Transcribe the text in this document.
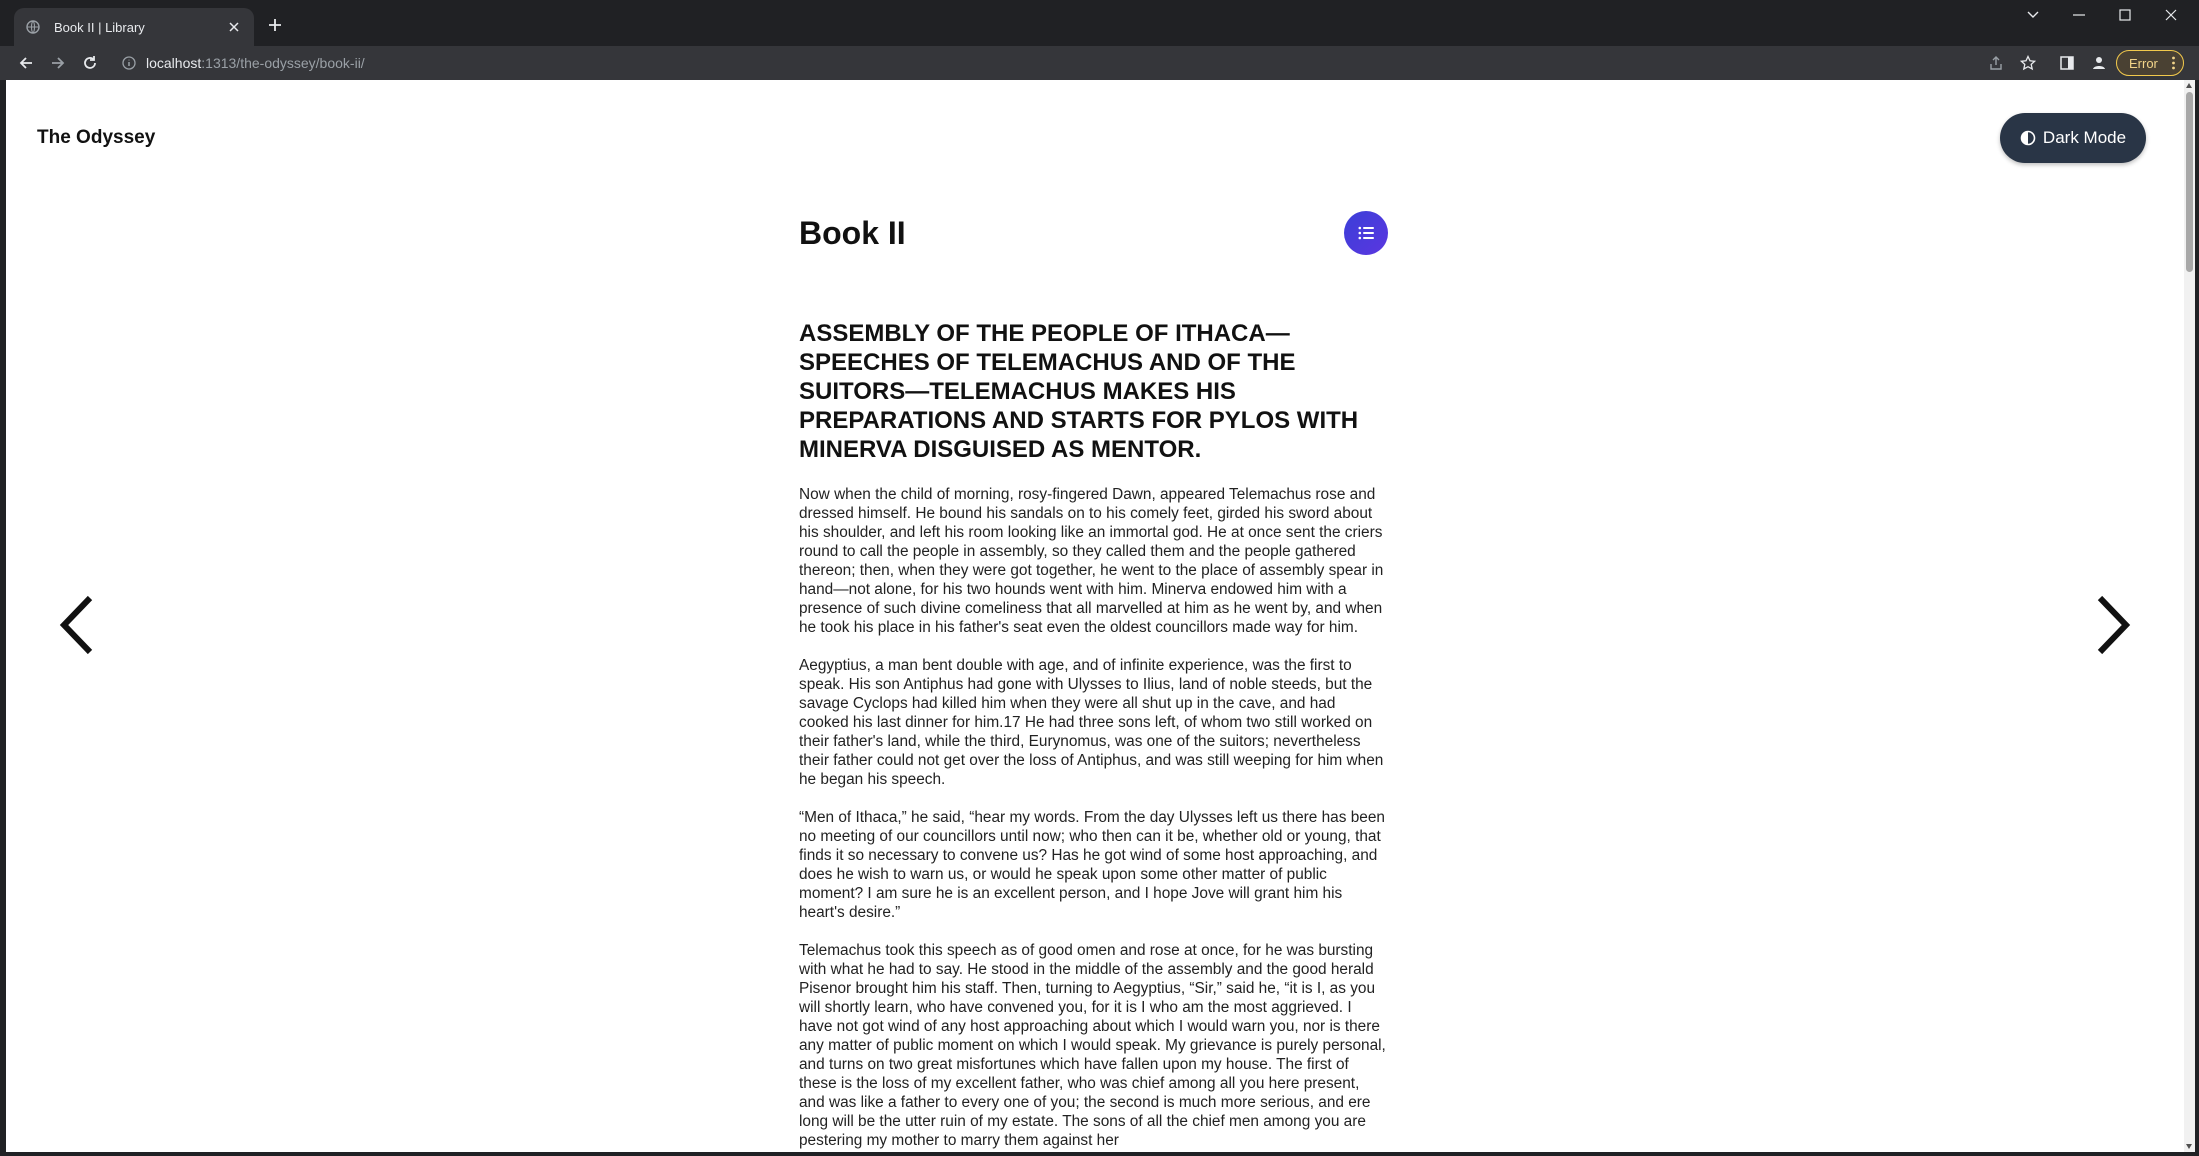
Book II | Library
localhost :1313/the-odyssey/book-ii/	Error
The Odyssey	Dark Mode
Book II
ASSEMBLY OF THE PEOPLE OF ITHACA—SPEECHES OF TELEMACHUS AND OF THE SUITORS—TELEMACHUS MAKES HIS PREPARATIONS AND STARTS FOR PYLOS WITH MINERVA DISGUISED AS MENTOR.

Now when the child of morning, rosy-fingered Dawn, appeared Telemachus rose and dressed himself. He bound his sandals on to his comely feet, girded his sword about his shoulder, and left his room looking like an immortal god. He at once sent the criers round to call the people in assembly, so they called them and the people gathered thereon; then, when they were got together, he went to the place of assembly spear in hand—not alone, for his two hounds went with him. Minerva endowed him with a presence of such divine comeliness that all marvelled at him as he went by, and when he took his place in his father's seat even the oldest councillors made way for him.

Aegyptius, a man bent double with age, and of infinite experience, was the first to speak. His son Antiphus had gone with Ulysses to Ilius, land of noble steeds, but the savage Cyclops had killed him when they were all shut up in the cave, and had cooked his last dinner for him.17 He had three sons left, of whom two still worked on their father's land, while the third, Eurynomus, was one of the suitors; nevertheless their father could not get over the loss of Antiphus, and was still weeping for him when he began his speech.

“Men of Ithaca,” he said, “hear my words. From the day Ulysses left us there has been no meeting of our councillors until now; who then can it be, whether old or young, that finds it so necessary to convene us? Has he got wind of some host approaching, and does he wish to warn us, or would he speak upon some other matter of public moment? I am sure he is an excellent person, and I hope Jove will grant him his heart's desire.”

Telemachus took this speech as of good omen and rose at once, for he was bursting with what he had to say. He stood in the middle of the assembly and the good herald Pisenor brought him his staff. Then, turning to Aegyptius, “Sir,” said he, “it is I, as you will shortly learn, who have convened you, for it is I who am the most aggrieved. I have not got wind of any host approaching about which I would warn you, nor is there any matter of public moment on which I would speak. My grievance is purely personal, and turns on two great misfortunes which have fallen upon my house. The first of these is the loss of my excellent father, who was chief among all you here present, and was like a father to every one of you; the second is much more serious, and ere long will be the utter ruin of my estate. The sons of all the chief men among you are pestering my mother to marry them against her
